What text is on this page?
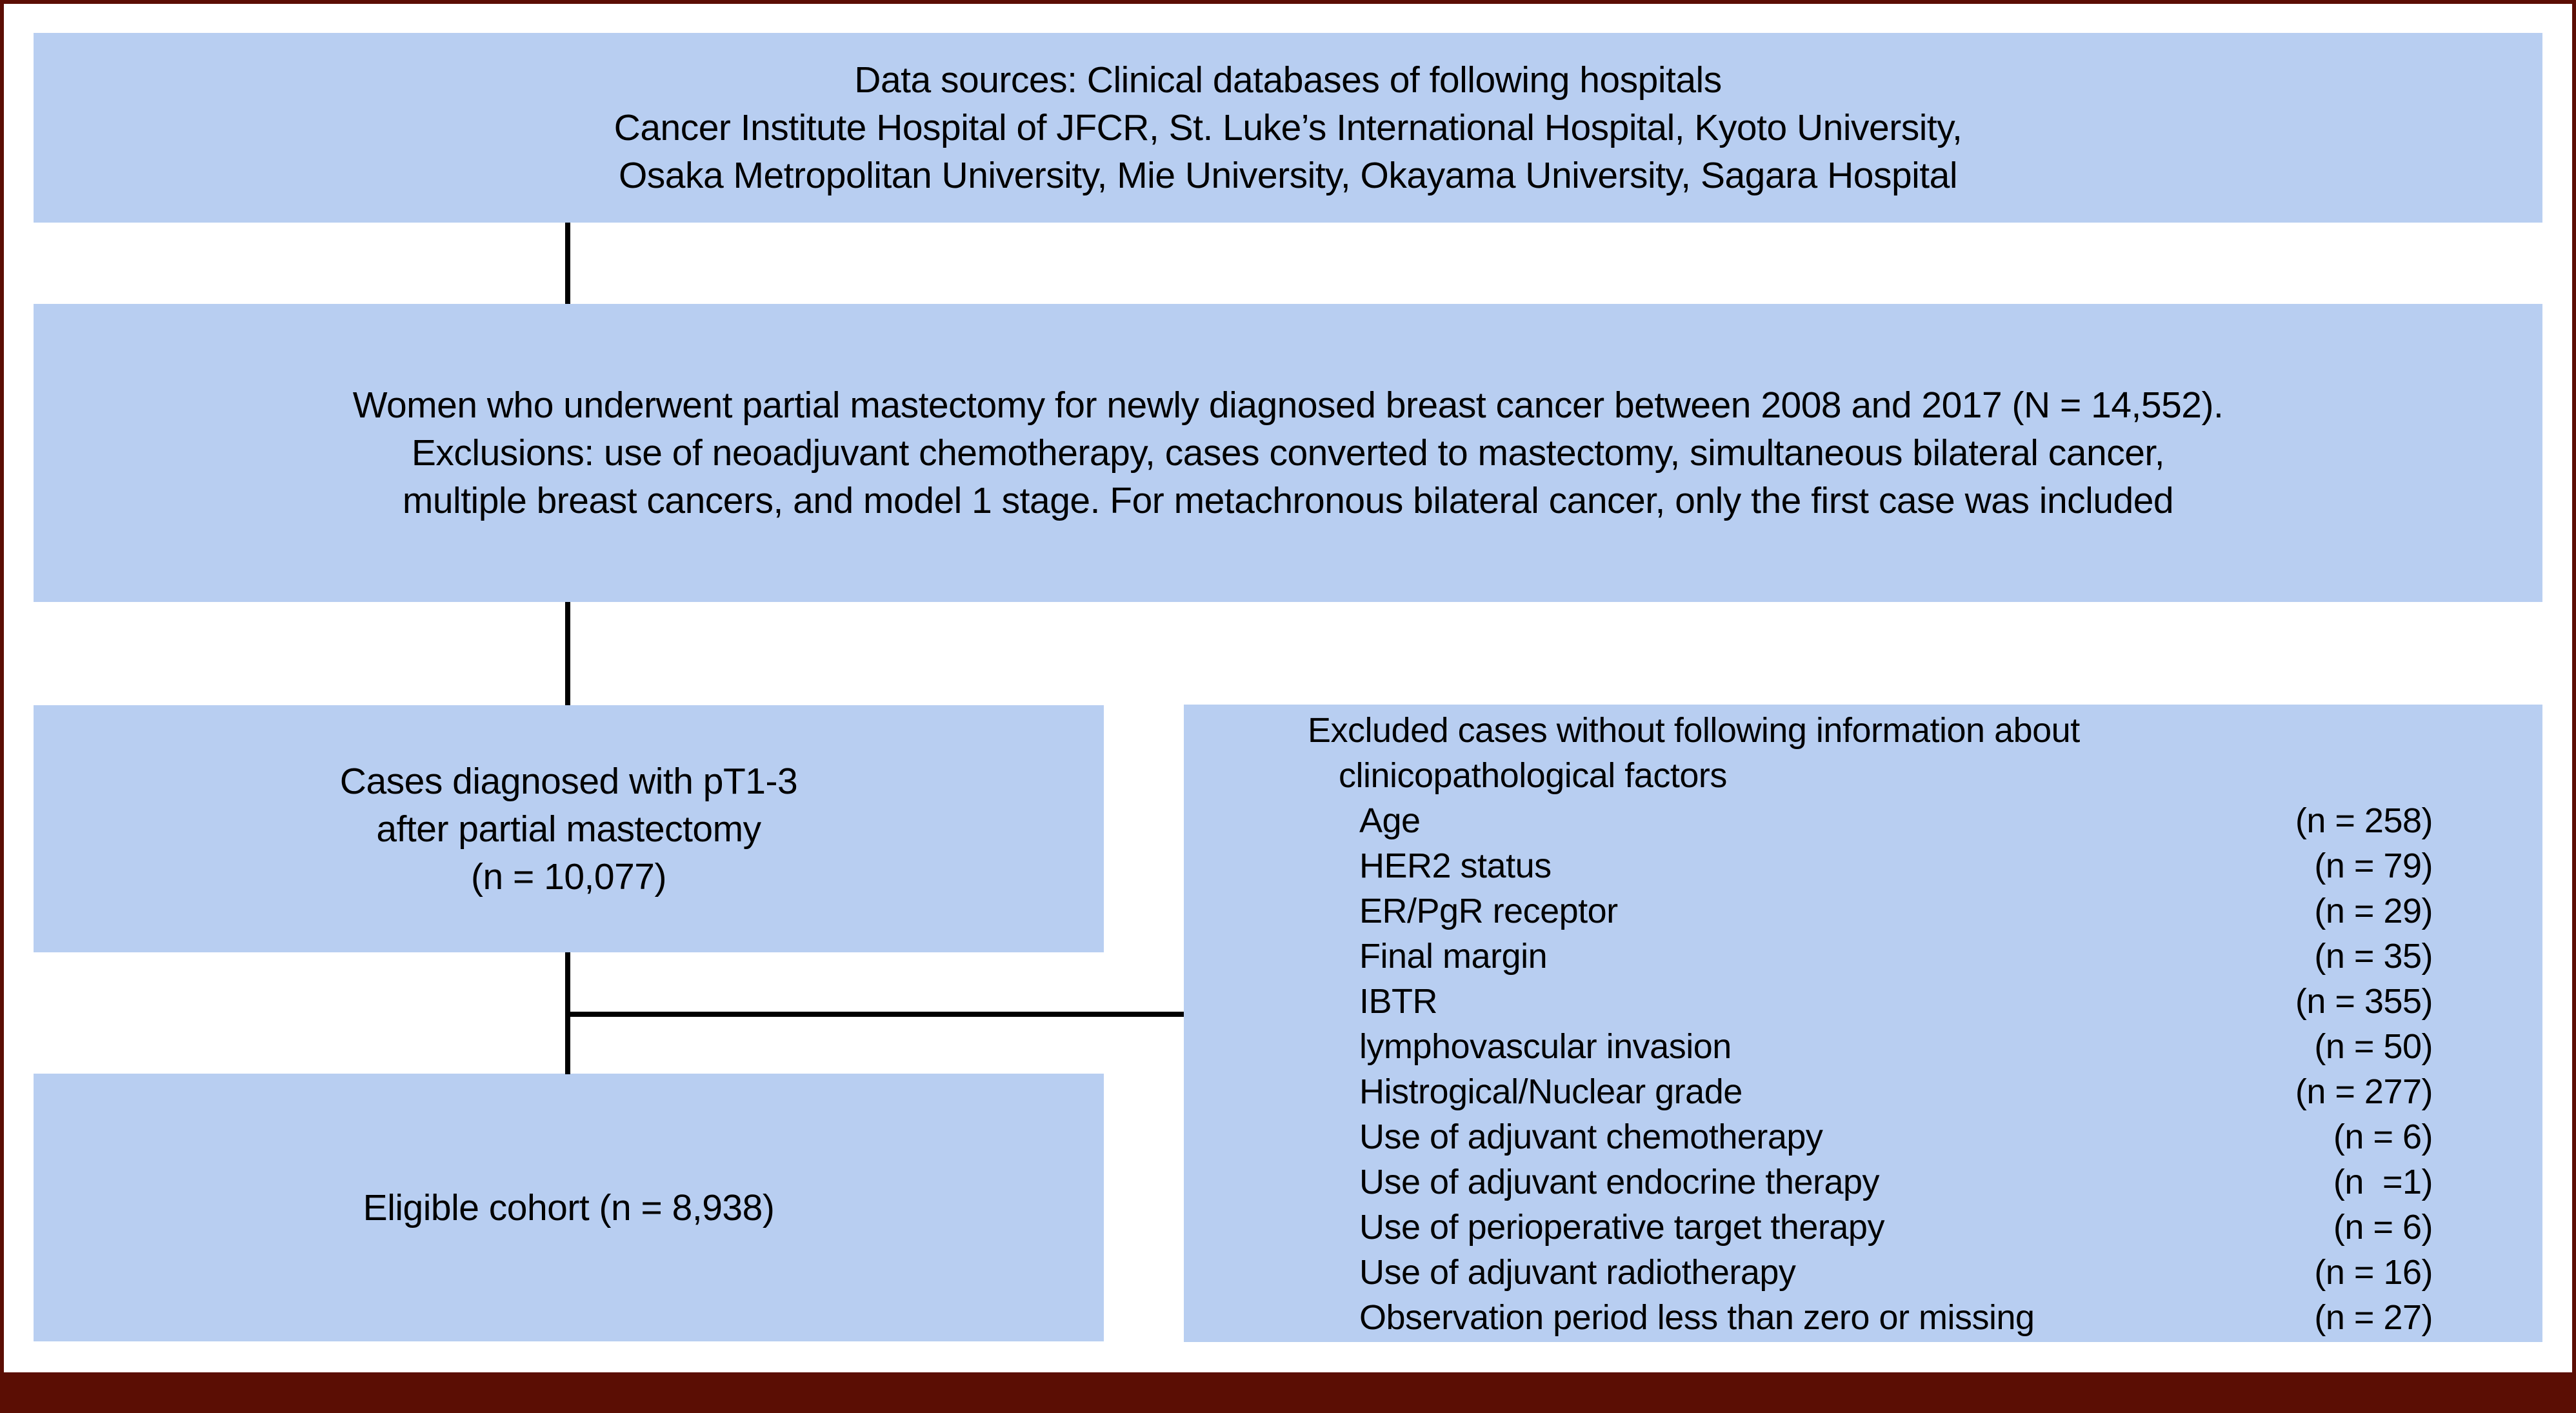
Data sources: Clinical databases of following hospitals
Cancer Institute Hospital of JFCR, St. Luke’s International Hospital, Kyoto University,
Osaka Metropolitan University, Mie University, Okayama University, Sagara Hospital
Women who underwent partial mastectomy for newly diagnosed breast cancer between 2008 and 2017 (N = 14,552).
Exclusions: use of neoadjuvant chemotherapy, cases converted to mastectomy, simultaneous bilateral cancer,
multiple breast cancers, and model 1 stage. For metachronous bilateral cancer, only the first case was included
Cases diagnosed with pT1-3
after partial mastectomy
(n = 10,077)
Eligible cohort (n = 8,938)
Excluded cases without following information about
clinicopathological factors
Age	(n = 258)
HER2 status	(n = 79)
ER/PgR receptor	(n = 29)
Final margin	(n = 35)
IBTR	(n = 355)
lymphovascular invasion	(n = 50)
Histrogical/Nuclear grade	(n = 277)
Use of adjuvant chemotherapy	(n = 6)
Use of adjuvant endocrine therapy	(n  =1)
Use of perioperative target therapy	(n = 6)
Use of adjuvant radiotherapy	(n = 16)
Observation period less than zero or missing	(n = 27)
